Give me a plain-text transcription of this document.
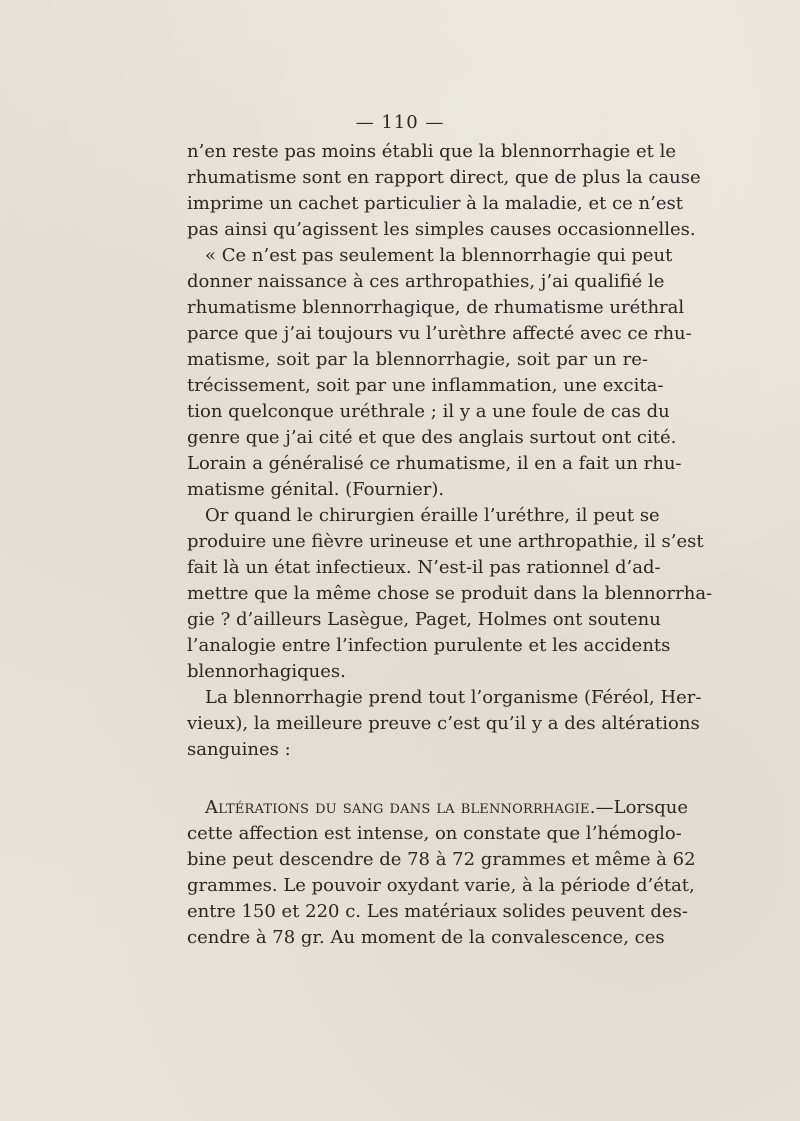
— 110 —
n’en reste pas moins établi que la blennorrhagie et le
rhumatisme sont en rapport direct, que de plus la cause
imprime un cachet particulier à la maladie, et ce n’est
pas ainsi qu’agissent les simples causes occasionnelles.
« Ce n’est pas seulement la blennorrhagie qui peut
donner naissance à ces arthropathies, j’ai qualifié le
rhumatisme blennorrhagique, de rhumatisme uréthral
parce que j’ai toujours vu l’urèthre affecté avec ce rhu-
matisme, soit par la blennorrhagie, soit par un re-
trécissement, soit par une inflammation, une excita-
tion quelconque uréthrale ; il y a une foule de cas du
genre que j’ai cité et que des anglais surtout ont cité.
Lorain a généralisé ce rhumatisme, il en a fait un rhu-
matisme génital. (Fournier).
Or quand le chirurgien éraille l’uréthre, il peut se
produire une fièvre urineuse et une arthropathie, il s’est
fait là un état infectieux. N’est-il pas rationnel d’ad-
mettre que la même chose se produit dans la blennorrha-
gie ? d’ailleurs Lasègue, Paget, Holmes ont soutenu
l’analogie entre l’infection purulente et les accidents
blennorhagiques.
La blennorrhagie prend tout l’organisme (Féréol, Her-
vieux), la meilleure preuve c’est qu’il y a des altérations
sanguines :
Altérations du sang dans la blennorrhagie.—Lorsque
cette affection est intense, on constate que l’hémoglo-
bine peut descendre de 78 à 72 grammes et même à 62
grammes. Le pouvoir oxydant varie, à la période d’état,
entre 150 et 220 c. Les matériaux solides peuvent des-
cendre à 78 gr. Au moment de la convalescence, ces
